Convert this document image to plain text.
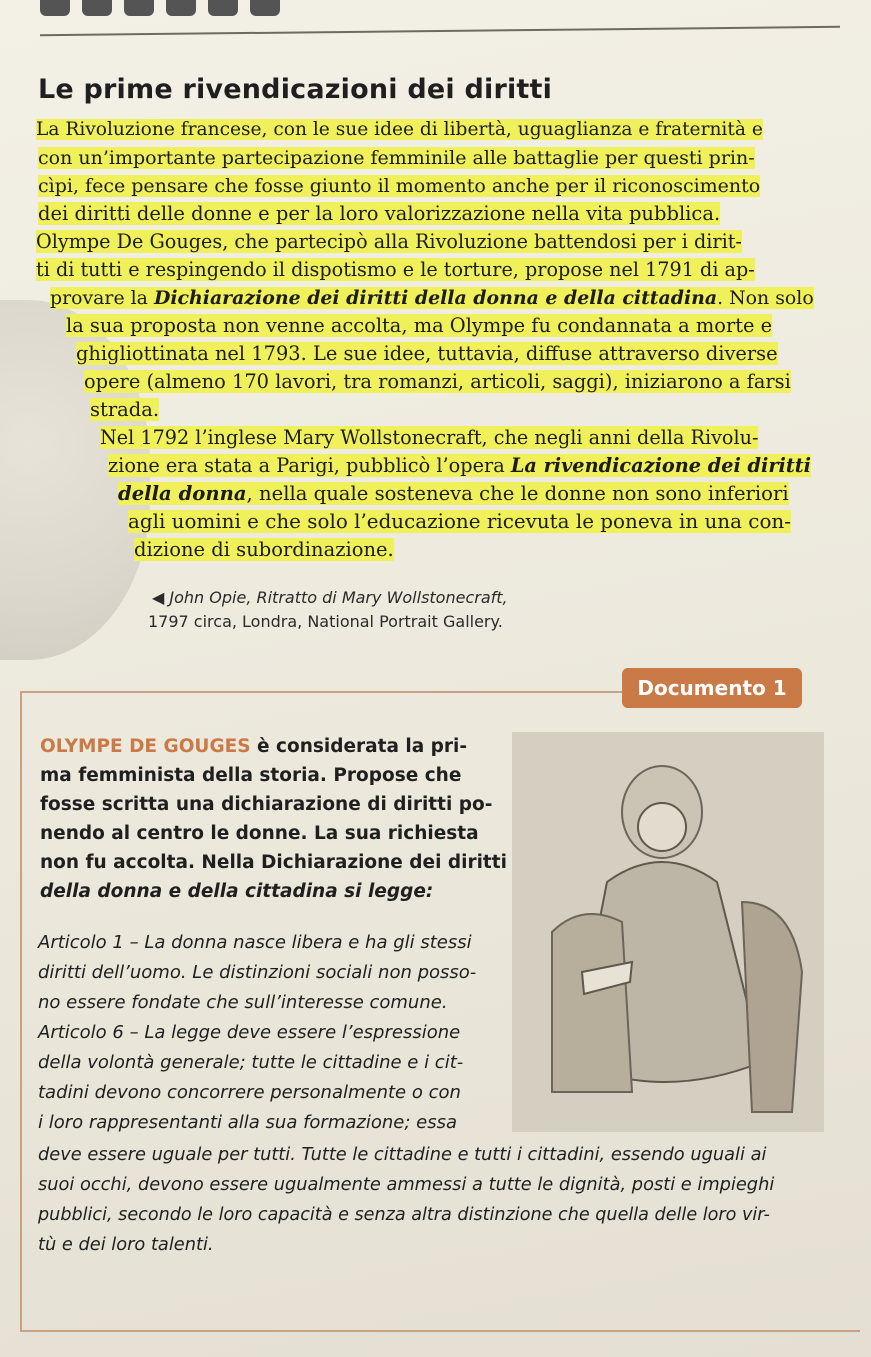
Le prime rivendicazioni dei diritti
La Rivoluzione francese, con le sue idee di libertà, uguaglianza e fraternità e
con un’importante partecipazione femminile alle battaglie per questi prin-
cìpi, fece pensare che fosse giunto il momento anche per il riconoscimento
dei diritti delle donne e per la loro valorizzazione nella vita pubblica.
Olympe De Gouges, che partecipò alla Rivoluzione battendosi per i dirit-
ti di tutti e respingendo il dispotismo e le torture, propose nel 1791 di ap-
provare la Dichiarazione dei diritti della donna e della cittadina. Non solo
la sua proposta non venne accolta, ma Olympe fu condannata a morte e
ghigliottinata nel 1793. Le sue idee, tuttavia, diffuse attraverso diverse
opere (almeno 170 lavori, tra romanzi, articoli, saggi), iniziarono a farsi
strada.
Nel 1792 l’inglese Mary Wollstonecraft, che negli anni della Rivolu-
zione era stata a Parigi, pubblicò l’opera La rivendicazione dei diritti
della donna, nella quale sosteneva che le donne non sono inferiori
agli uomini e che solo l’educazione ricevuta le poneva in una con-
dizione di subordinazione.
◀ John Opie, Ritratto di Mary Wollstonecraft,
1797 circa, Londra, National Portrait Gallery.
Documento 1
OLYMPE DE GOUGES è considerata la pri-
ma femminista della storia. Propose che
fosse scritta una dichiarazione di diritti po-
nendo al centro le donne. La sua richiesta
non fu accolta. Nella Dichiarazione dei diritti
della donna e della cittadina si legge:
Articolo 1 – La donna nasce libera e ha gli stessi
diritti dell’uomo. Le distinzioni sociali non posso-
no essere fondate che sull’interesse comune.
Articolo 6 – La legge deve essere l’espressione
della volontà generale; tutte le cittadine e i cit-
tadini devono concorrere personalmente o con
i loro rappresentanti alla sua formazione; essa
deve essere uguale per tutti. Tutte le cittadine e tutti i cittadini, essendo uguali ai
suoi occhi, devono essere ugualmente ammessi a tutte le dignità, posti e impieghi
pubblici, secondo le loro capacità e senza altra distinzione che quella delle loro vir-
tù e dei loro talenti.
